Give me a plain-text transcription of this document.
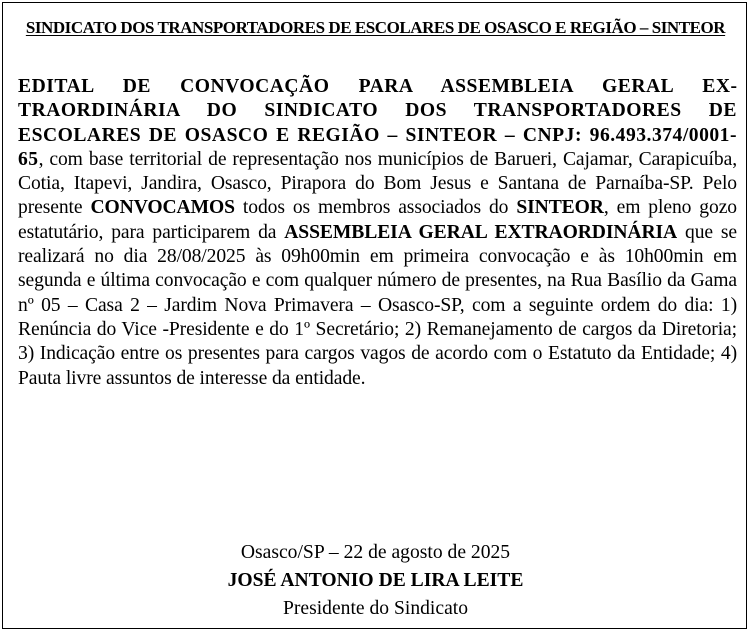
SINDICATO DOS TRANSPORTADORES DE ESCOLARES DE OSASCO E REGIÃO – SINTEOR
EDITAL DE CONVOCAÇÃO PARA ASSEMBLEIA GERAL EXTRAORDINÁRIA DO SINDICATO DOS TRANSPORTADORES DE ESCOLARES DE OSASCO E REGIÃO – SINTEOR – CNPJ: 96.493.374/0001-65, com base territorial de representação nos municípios de Barueri, Cajamar, Carapicuíba, Cotia, Itapevi, Jandira, Osasco, Pirapora do Bom Jesus e Santana de Parnaíba-SP. Pelo presente CONVOCAMOS todos os membros associados do SINTEOR, em pleno gozo estatutário, para participarem da ASSEMBLEIA GERAL EXTRAORDINÁRIA que se realizará no dia 28/08/2025 às 09h00min em primeira convocação e às 10h00min em segunda e última convocação e com qualquer número de presentes, na Rua Basílio da Gama nº 05 – Casa 2 – Jardim Nova Primavera – Osasco-SP, com a seguinte ordem do dia: 1) Renúncia do Vice -Presidente e do 1º Secretário; 2) Remanejamento de cargos da Diretoria; 3) Indicação entre os presentes para cargos vagos de acordo com o Estatuto da Entidade; 4) Pauta livre assuntos de interesse da entidade.
Osasco/SP – 22 de agosto de 2025
JOSÉ ANTONIO DE LIRA LEITE
Presidente do Sindicato
